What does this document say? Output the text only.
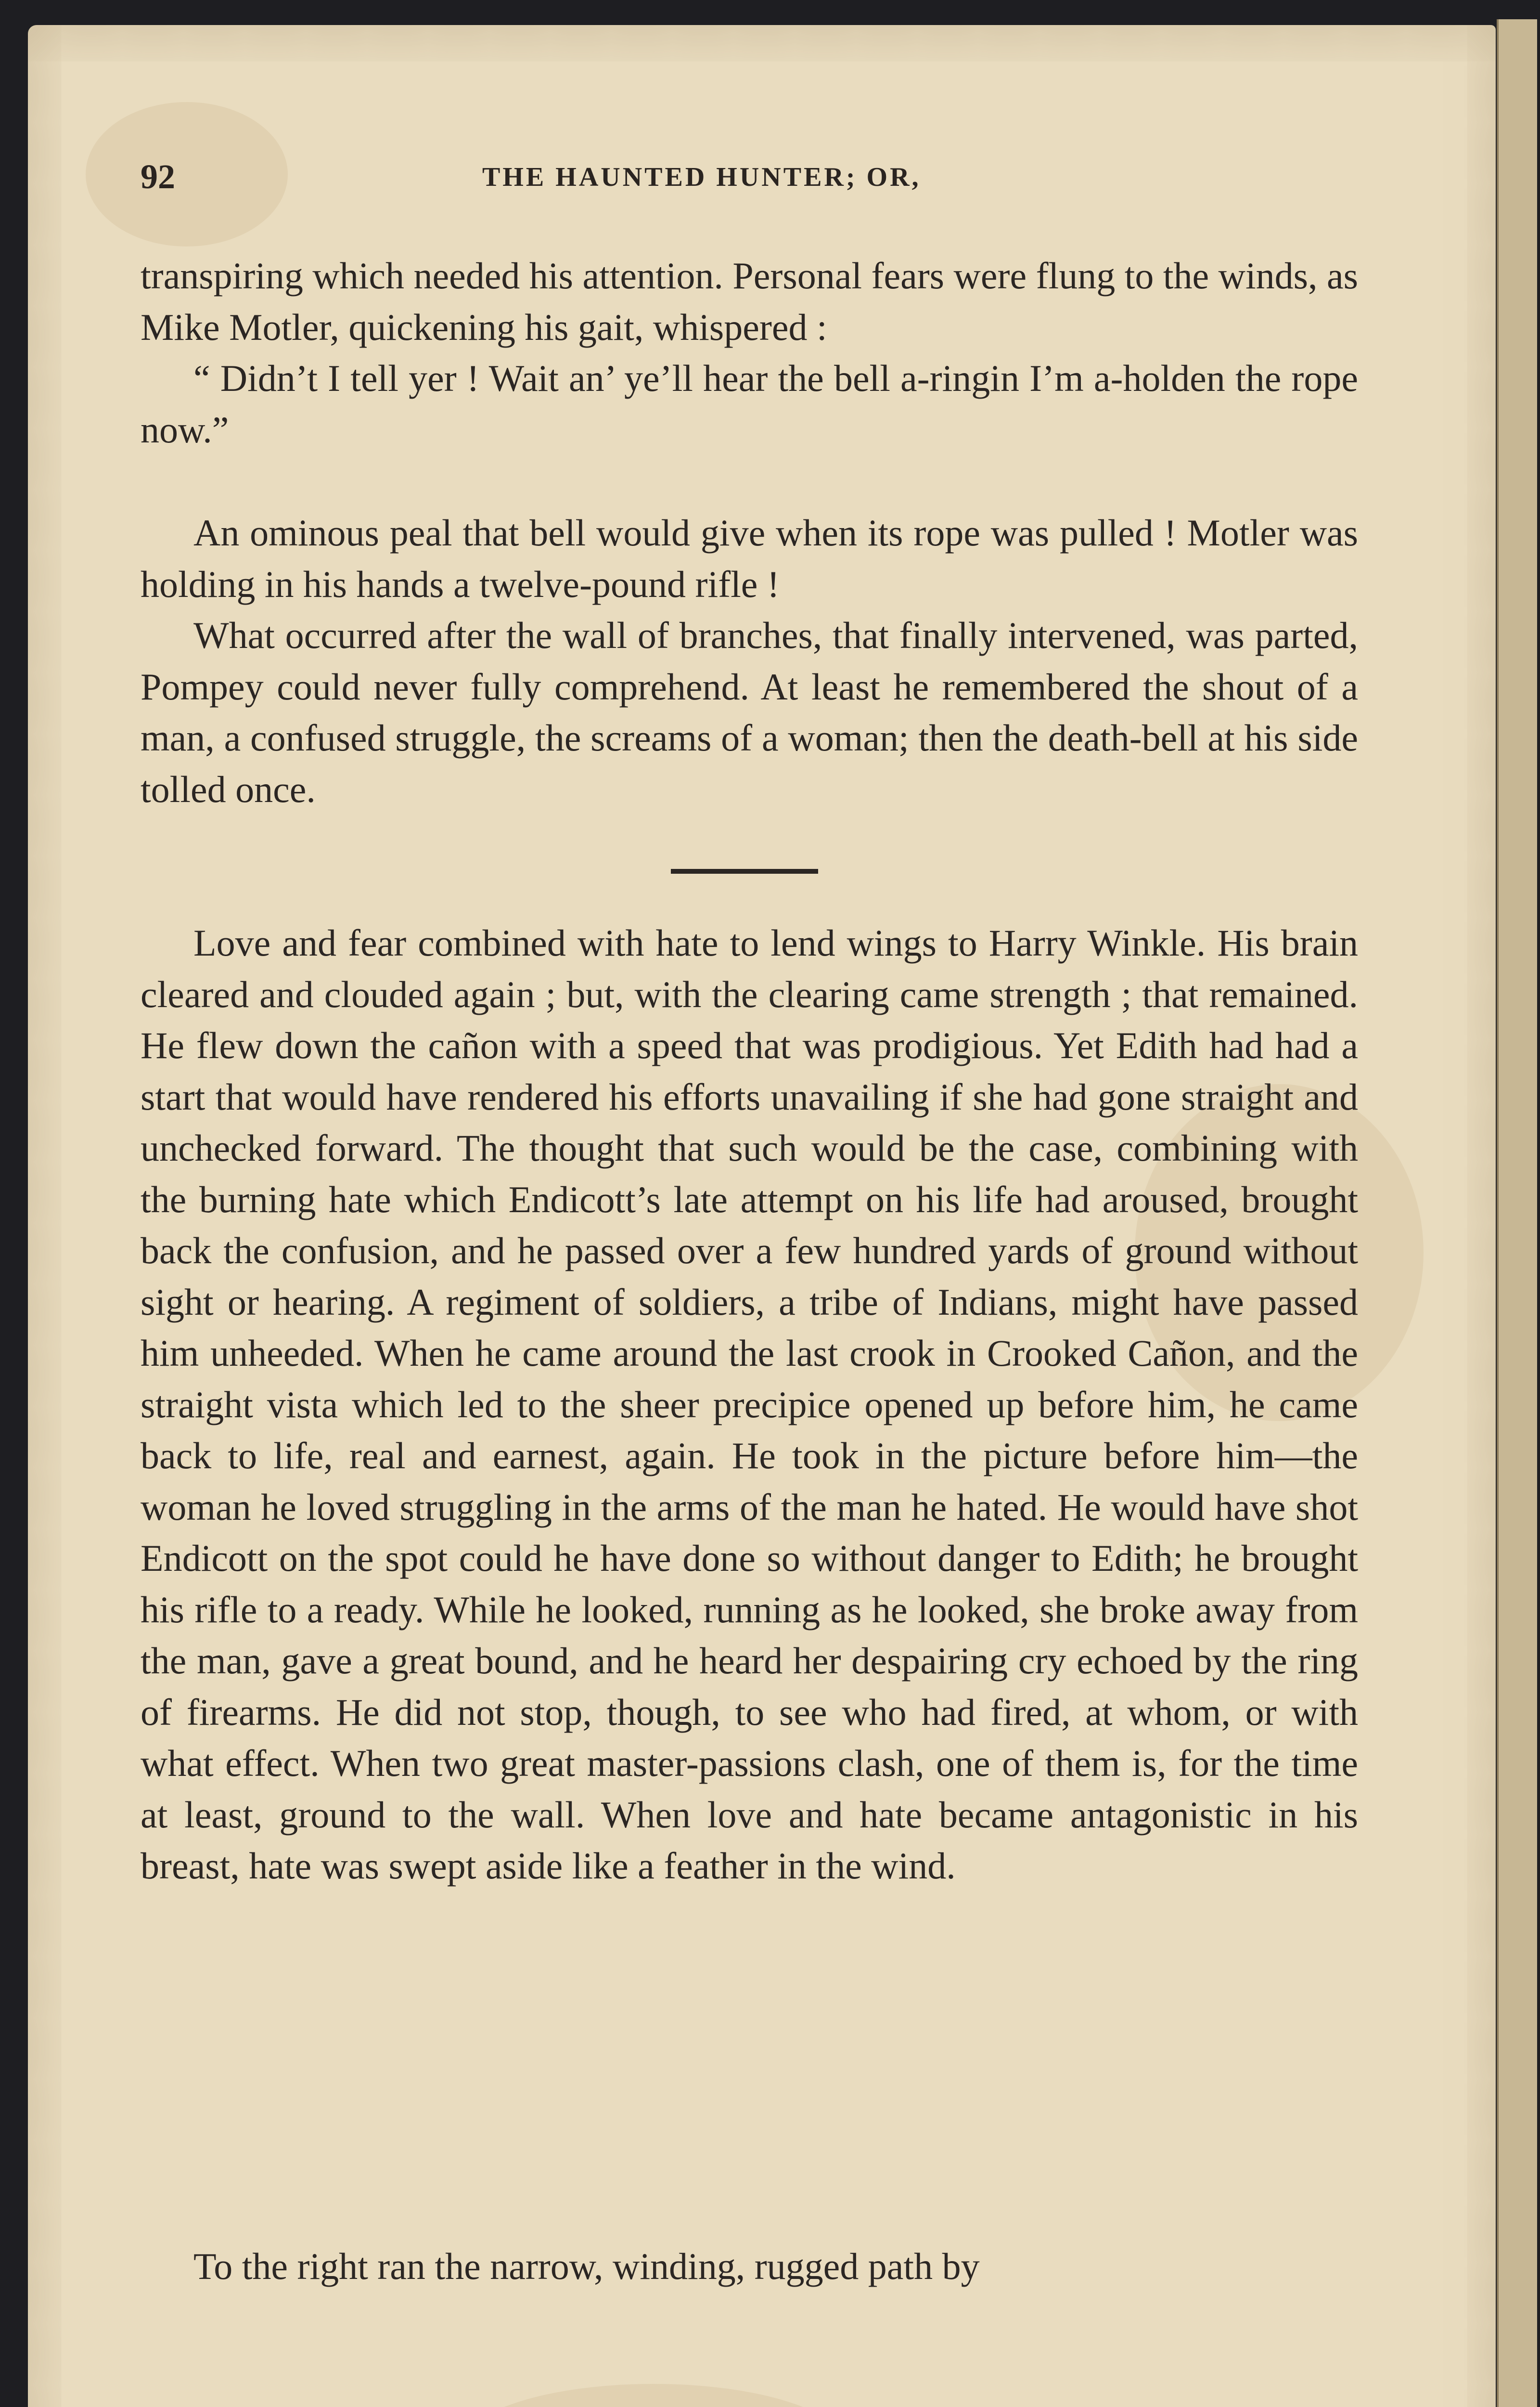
92	THE HAUNTED HUNTER; OR,

transpiring which needed his attention. Personal fears were flung to the winds, as Mike Motler, quickening his gait, whispered :

“ Didn’t I tell yer ! Wait an’ ye’ll hear the bell a-ringin I’m a-holden the rope now.”

An ominous peal that bell would give when its rope was pulled ! Motler was holding in his hands a twelve-pound rifle !

What occurred after the wall of branches, that finally intervened, was parted, Pompey could never fully comprehend. At least he remembered the shout of a man, a confused struggle, the screams of a woman; then the death-bell at his side tolled once.

Love and fear combined with hate to lend wings to Harry Winkle. His brain cleared and clouded again ; but, with the clearing came strength ; that remained. He flew down the cañon with a speed that was prodigious. Yet Edith had had a start that would have rendered his efforts unavailing if she had gone straight and unchecked forward. The thought that such would be the case, combining with the burning hate which Endicott’s late attempt on his life had aroused, brought back the confusion, and he passed over a few hundred yards of ground without sight or hearing. A regiment of soldiers, a tribe of Indians, might have passed him unheeded. When he came around the last crook in Crooked Cañon, and the straight vista which led to the sheer precipice opened up before him, he came back to life, real and earnest, again. He took in the picture before him—the woman he loved struggling in the arms of the man he hated. He would have shot Endicott on the spot could he have done so without danger to Edith; he brought his rifle to a ready. While he looked, running as he looked, she broke away from the man, gave a great bound, and he heard her despairing cry echoed by the ring of firearms. He did not stop, though, to see who had fired, at whom, or with what effect. When two great master-passions clash, one of them is, for the time at least, ground to the wall. When love and hate became antagonistic in his breast, hate was swept aside like a feather in the wind.

To the right ran the narrow, winding, rugged path by
